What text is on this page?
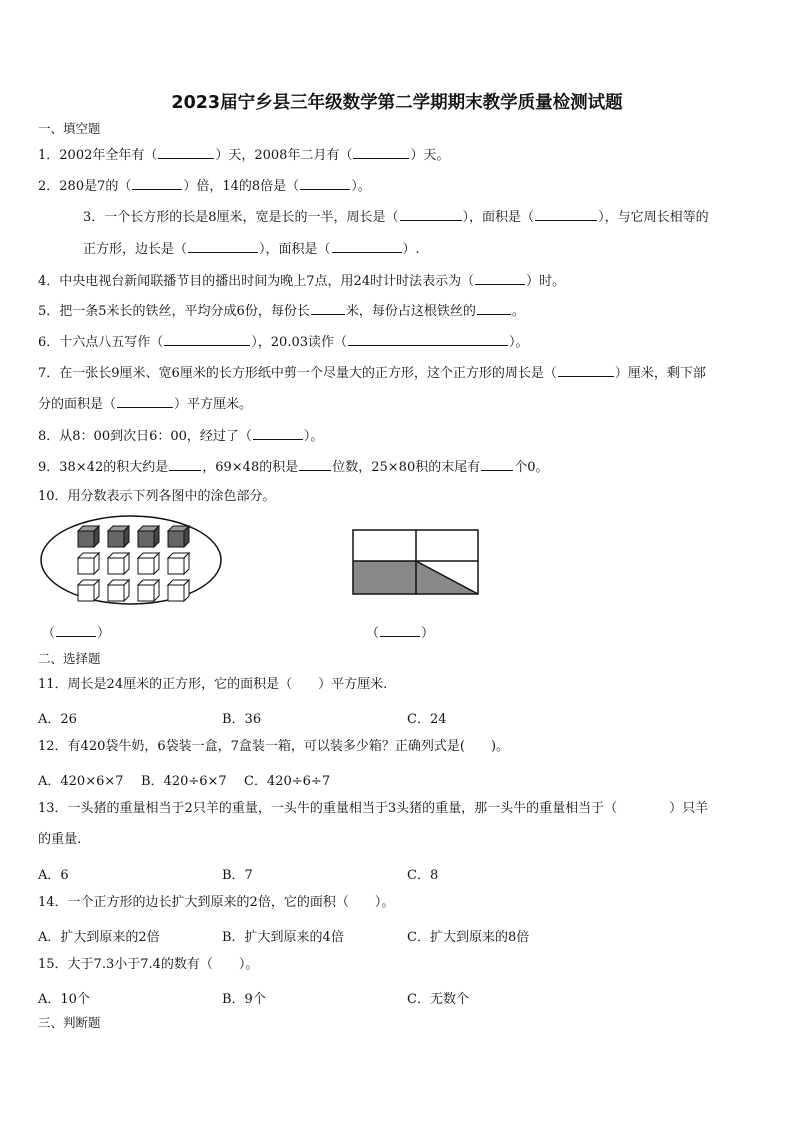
2023届宁乡县三年级数学第二学期期末教学质量检测试题
一、填空题
1．2002年全年有（	）天，2008年二月有（	）天。
2．280是7的（	）倍，14的8倍是（	）。
3．一个长方形的长是8厘米，宽是长的一半，周长是（	），面积是（	），与它周长相等的
正方形，边长是（	），面积是（	）.
4．中央电视台新闻联播节目的播出时间为晚上7点，用24时计时法表示为（	）时。
5．把一条5米长的铁丝，平均分成6份，每份长	米，每份占这根铁丝的	。
6．十六点八五写作（	），20.03读作（	）。
7．在一张长9厘米、宽6厘米的长方形纸中剪一个尽量大的正方形，这个正方形的周长是（	）厘米，剩下部
分的面积是（	）平方厘米。
8．从8：00到次日6：00，经过了（	）。
9．38×42的积大约是	，69×48的积是	位数，25×80积的末尾有	个0。
10．用分数表示下列各图中的涂色部分。
（	）	（	）
二、选择题
11．周长是24厘米的正方形，它的面积是（　　）平方厘米.
A．26	B．36	C．24
12．有420袋牛奶，6袋装一盒，7盒装一箱，可以装多少箱？正确列式是(　　)。
A．420×6×7 B．420÷6×7 C．420÷6÷7
13．一头猪的重量相当于2只羊的重量，一头牛的重量相当于3头猪的重量，那一头牛的重量相当于（　　　　）只羊
的重量.
A．6	B．7	C．8
14．一个正方形的边长扩大到原来的2倍，它的面积（　　）。
A．扩大到原来的2倍	B．扩大到原来的4倍	C．扩大到原来的8倍
15．大于7.3小于7.4的数有（　　）。
A．10个	B．9个	C．无数个
三、判断题
